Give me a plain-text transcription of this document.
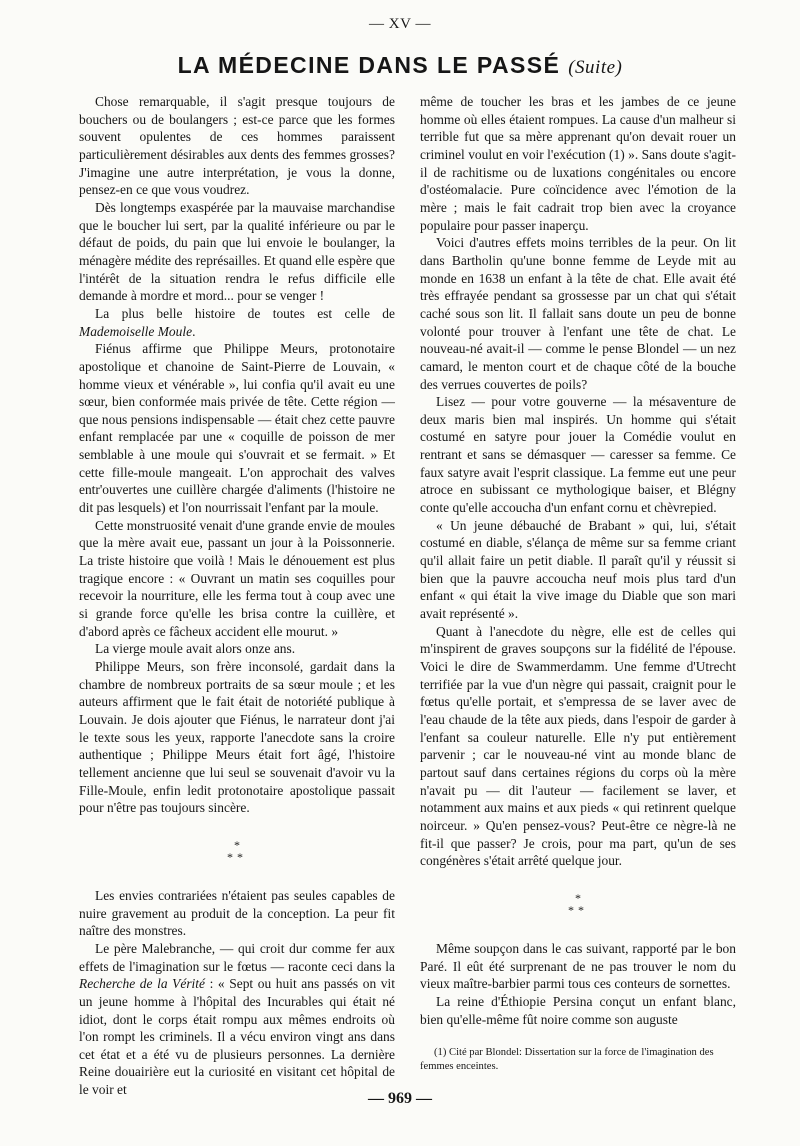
— XV —
LA MÉDECINE DANS LE PASSÉ (Suite)

Chose remarquable, il s'agit presque toujours de bouchers ou de boulangers ; est-ce parce que les formes souvent opulentes de ces hommes paraissent particulièrement désirables aux dents des femmes grosses? J'imagine une autre interprétation, je vous la donne, pensez-en ce que vous voudrez.

Dès longtemps exaspérée par la mauvaise marchandise que le boucher lui sert, par la qualité inférieure ou par le défaut de poids, du pain que lui envoie le boulanger, la ménagère médite des représailles. Et quand elle espère que l'intérêt de la situation rendra le refus difficile elle demande à mordre et mord... pour se venger !

La plus belle histoire de toutes est celle de Mademoiselle Moule.

Fiénus affirme que Philippe Meurs, protonotaire apostolique et chanoine de Saint-Pierre de Louvain, « homme vieux et vénérable », lui confia qu'il avait eu une sœur, bien conformée mais privée de tête. Cette région — que nous pensions indispensable — était chez cette pauvre enfant remplacée par une « coquille de poisson de mer semblable à une moule qui s'ouvrait et se fermait. » Et cette fille-moule mangeait. L'on approchait des valves entr'ouvertes une cuillère chargée d'aliments (l'histoire ne dit pas lesquels) et l'on nourrissait l'enfant par la moule.

Cette monstruosité venait d'une grande envie de moules que la mère avait eue, passant un jour à la Poissonnerie. La triste histoire que voilà ! Mais le dénouement est plus tragique encore : « Ouvrant un matin ses coquilles pour recevoir la nourriture, elle les ferma tout à coup avec une si grande force qu'elle les brisa contre la cuillère, et d'abord après ce fâcheux accident elle mourut. »

La vierge moule avait alors onze ans.

Philippe Meurs, son frère inconsolé, gardait dans la chambre de nombreux portraits de sa sœur moule ; et les auteurs affirment que le fait était de notoriété publique à Louvain. Je dois ajouter que Fiénus, le narrateur dont j'ai le texte sous les yeux, rapporte l'anecdote sans la croire authentique ; Philippe Meurs était fort âgé, l'histoire tellement ancienne que lui seul se souvenait d'avoir vu la Fille-Moule, enfin ledit protonotaire apostolique passait pour n'être pas toujours sincère.

*
**

Les envies contrariées n'étaient pas seules capables de nuire gravement au produit de la conception. La peur fit naître des monstres.

Le père Malebranche, — qui croit dur comme fer aux effets de l'imagination sur le fœtus — raconte ceci dans la Recherche de la Vérité : « Sept ou huit ans passés on vit un jeune homme à l'hôpital des Incurables qui était né idiot, dont le corps était rompu aux mêmes endroits où l'on rompt les criminels. Il a vécu environ vingt ans dans cet état et a été vu de plusieurs personnes. La dernière Reine douairière eut la curiosité en visitant cet hôpital de le voir et

même de toucher les bras et les jambes de ce jeune homme où elles étaient rompues. La cause d'un malheur si terrible fut que sa mère apprenant qu'on devait rouer un criminel voulut en voir l'exécution (1) ». Sans doute s'agit-il de rachitisme ou de luxations congénitales ou encore d'ostéomalacie. Pure coïncidence avec l'émotion de la mère ; mais le fait cadrait trop bien avec la croyance populaire pour passer inaperçu.

Voici d'autres effets moins terribles de la peur. On lit dans Bartholin qu'une bonne femme de Leyde mit au monde en 1638 un enfant à la tête de chat. Elle avait été très effrayée pendant sa grossesse par un chat qui s'était caché sous son lit. Il fallait sans doute un peu de bonne volonté pour trouver à l'enfant une tête de chat. Le nouveau-né avait-il — comme le pense Blondel — un nez camard, le menton court et de chaque côté de la bouche des verrues couvertes de poils?

Lisez — pour votre gouverne — la mésaventure de deux maris bien mal inspirés. Un homme qui s'était costumé en satyre pour jouer la Comédie voulut en rentrant et sans se démasquer — caresser sa femme. Ce faux satyre avait l'esprit classique. La femme eut une peur atroce en subissant ce mythologique baiser, et Blégny conte qu'elle accoucha d'un enfant cornu et chèvrepied.

« Un jeune débauché de Brabant » qui, lui, s'était costumé en diable, s'élança de même sur sa femme criant qu'il allait faire un petit diable. Il paraît qu'il y réussit si bien que la pauvre accoucha neuf mois plus tard d'un enfant « qui était la vive image du Diable que son mari avait représenté ».

Quant à l'anecdote du nègre, elle est de celles qui m'inspirent de graves soupçons sur la fidélité de l'épouse. Voici le dire de Swammerdamm. Une femme d'Utrecht terrifiée par la vue d'un nègre qui passait, craignit pour le fœtus qu'elle portait, et s'empressa de se laver avec de l'eau chaude de la tête aux pieds, dans l'espoir de garder à l'enfant sa couleur naturelle. Elle n'y put entièrement parvenir ; car le nouveau-né vint au monde blanc de partout sauf dans certaines régions du corps où la mère n'avait pu — dit l'auteur — facilement se laver, et notamment aux mains et aux pieds « qui retinrent quelque noirceur. » Qu'en pensez-vous? Peut-être ce nègre-là ne fit-il que passer? Je crois, pour ma part, qu'un de ses congénères s'était arrêté quelque jour.

*
**

Même soupçon dans le cas suivant, rapporté par le bon Paré. Il eût été surprenant de ne pas trouver le nom du vieux maître-barbier parmi tous ces conteurs de sornettes.

La reine d'Éthiopie Persina conçut un enfant blanc, bien qu'elle-même fût noire comme son auguste

(1) Cité par Blondel: Dissertation sur la force de l'imagination des femmes enceintes.
— 969 —
